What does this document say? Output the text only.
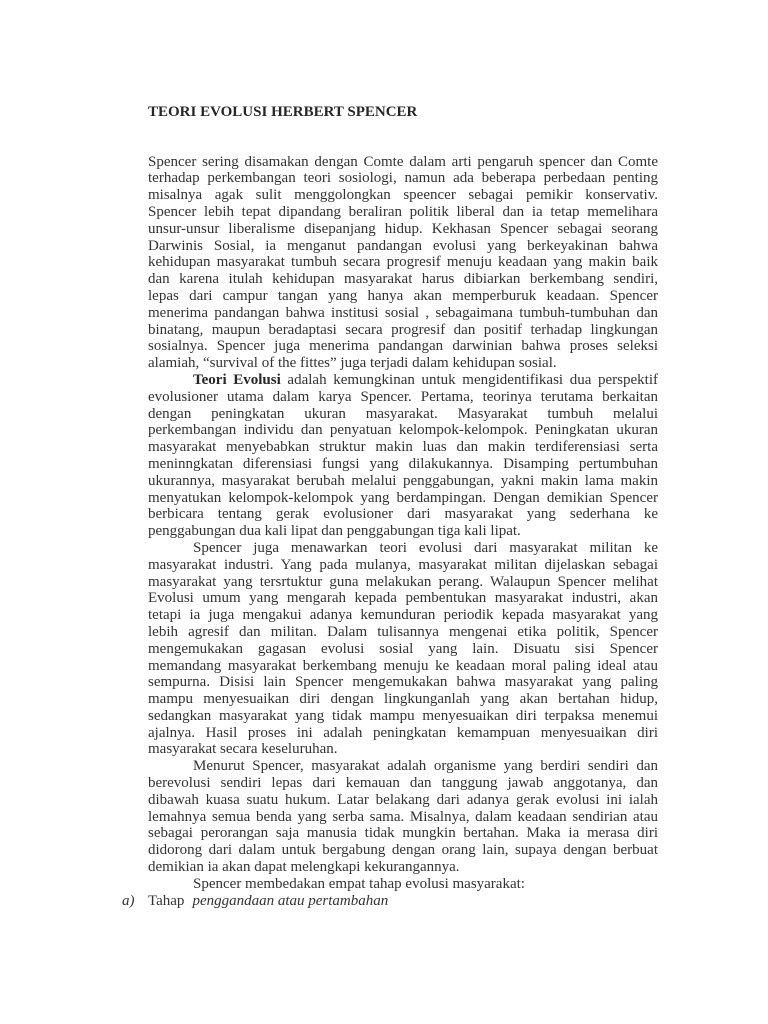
TEORI EVOLUSI HERBERT SPENCER
Spencer sering disamakan dengan Comte dalam arti pengaruh spencer dan Comte
terhadap perkembangan teori sosiologi, namun ada beberapa perbedaan penting
misalnya agak sulit menggolongkan speencer sebagai pemikir konservativ.
Spencer lebih tepat dipandang beraliran politik liberal dan ia tetap memelihara
unsur-unsur liberalisme disepanjang hidup. Kekhasan Spencer sebagai seorang
Darwinis Sosial, ia menganut pandangan evolusi yang berkeyakinan bahwa
kehidupan masyarakat tumbuh secara progresif menuju keadaan yang makin baik
dan karena itulah kehidupan masyarakat harus dibiarkan berkembang sendiri,
lepas dari campur tangan yang hanya akan memperburuk keadaan. Spencer
menerima pandangan bahwa institusi sosial , sebagaimana tumbuh-tumbuhan dan
binatang, maupun beradaptasi secara progresif dan positif terhadap lingkungan
sosialnya. Spencer juga menerima pandangan darwinian bahwa proses seleksi
alamiah, “survival of the fittes” juga terjadi dalam kehidupan sosial.
Teori Evolusi adalah kemungkinan untuk mengidentifikasi dua perspektif
evolusioner utama dalam karya Spencer. Pertama, teorinya terutama berkaitan
dengan peningkatan ukuran masyarakat. Masyarakat tumbuh melalui
perkembangan individu dan penyatuan kelompok-kelompok. Peningkatan ukuran
masyarakat menyebabkan struktur makin luas dan makin terdiferensiasi serta
meninngkatan diferensiasi fungsi yang dilakukannya. Disamping pertumbuhan
ukurannya, masyarakat berubah melalui penggabungan, yakni makin lama makin
menyatukan kelompok-kelompok yang berdampingan. Dengan demikian Spencer
berbicara tentang gerak evolusioner dari masyarakat yang sederhana ke
penggabungan dua kali lipat dan penggabungan tiga kali lipat.
Spencer juga menawarkan teori evolusi dari masyarakat militan ke
masyarakat industri. Yang pada mulanya, masyarakat militan dijelaskan sebagai
masyarakat yang tersrtuktur guna melakukan perang. Walaupun Spencer melihat
Evolusi umum yang mengarah kepada pembentukan masyarakat industri, akan
tetapi ia juga mengakui adanya kemunduran periodik kepada masyarakat yang
lebih agresif dan militan. Dalam tulisannya mengenai etika politik, Spencer
mengemukakan gagasan evolusi sosial yang lain. Disuatu sisi Spencer
memandang masyarakat berkembang menuju ke keadaan moral paling ideal atau
sempurna. Disisi lain Spencer mengemukakan bahwa masyarakat yang paling
mampu menyesuaikan diri dengan lingkunganlah yang akan bertahan hidup,
sedangkan masyarakat yang tidak mampu menyesuaikan diri terpaksa menemui
ajalnya. Hasil proses ini adalah peningkatan kemampuan menyesuaikan diri
masyarakat secara keseluruhan.
Menurut Spencer, masyarakat adalah organisme yang berdiri sendiri dan
berevolusi sendiri lepas dari kemauan dan tanggung jawab anggotanya, dan
dibawah kuasa suatu hukum. Latar belakang dari adanya gerak evolusi ini ialah
lemahnya semua benda yang serba sama. Misalnya, dalam keadaan sendirian atau
sebagai perorangan saja manusia tidak mungkin bertahan. Maka ia merasa diri
didorong dari dalam untuk bergabung dengan orang lain, supaya dengan berbuat
demikian ia akan dapat melengkapi kekurangannya.
Spencer membedakan empat tahap evolusi masyarakat:
a) Tahap penggandaan atau pertambahan
